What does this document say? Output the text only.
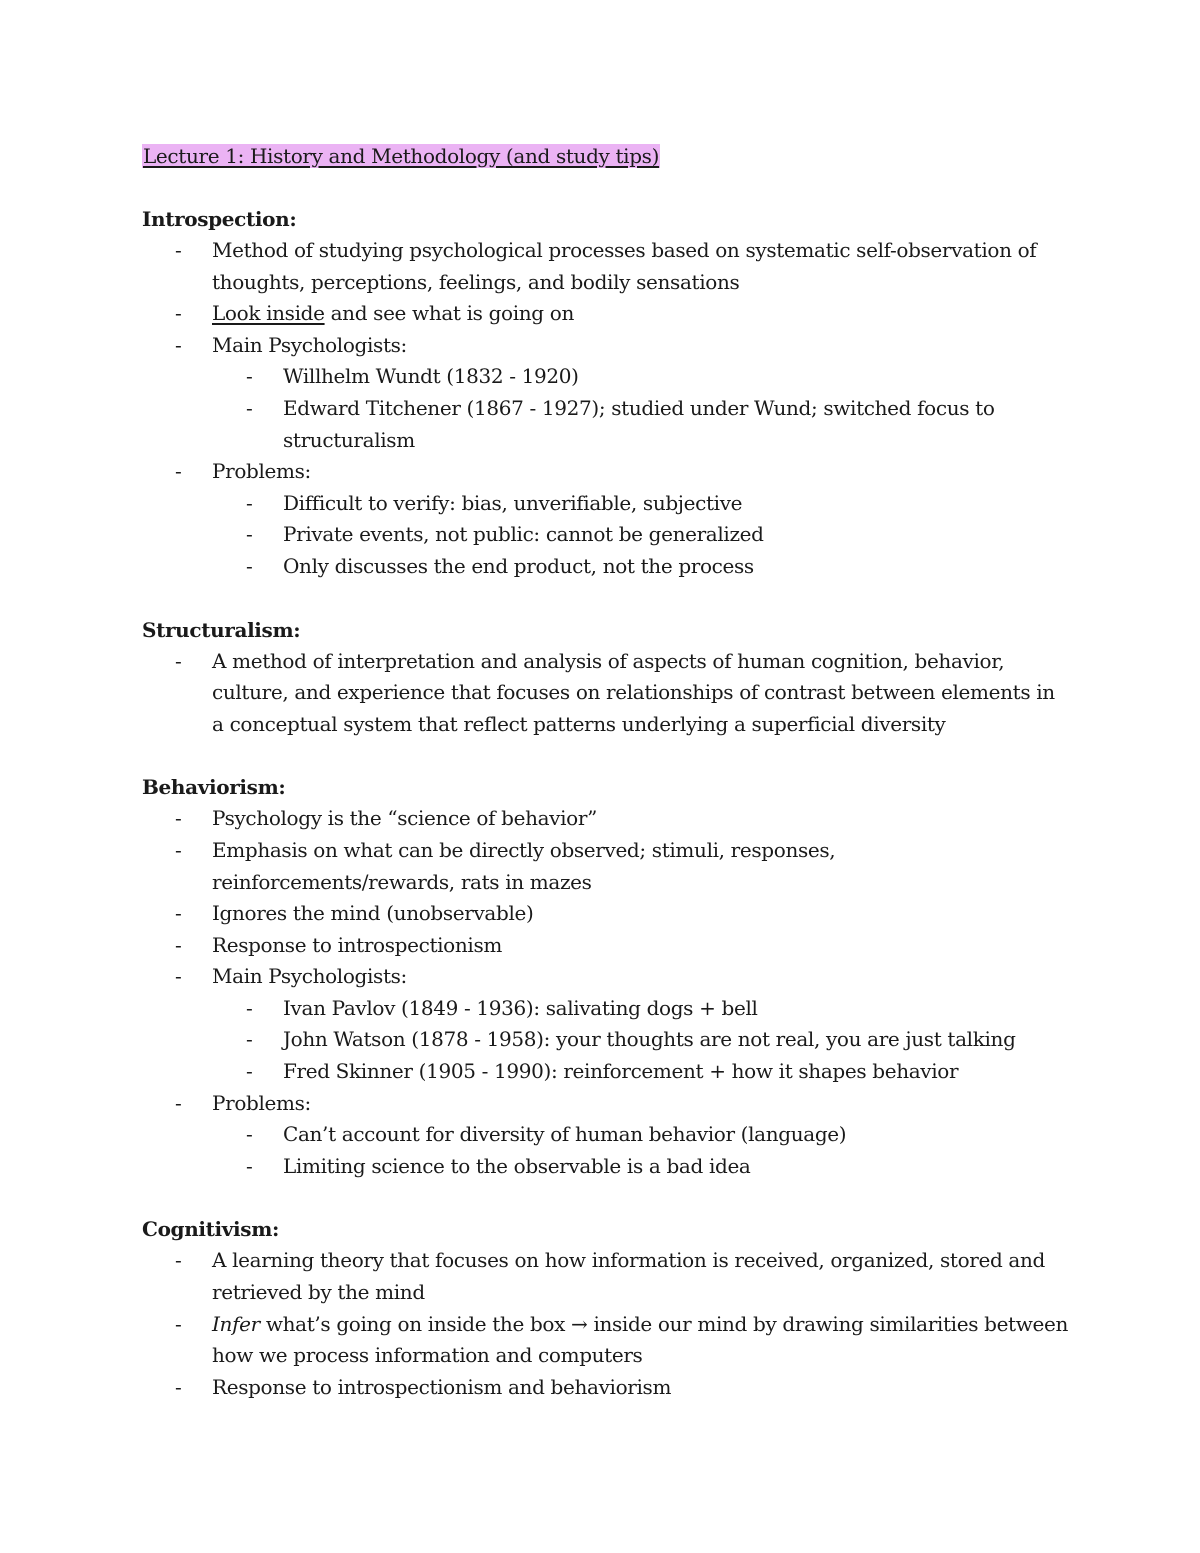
Lecture 1: History and Methodology (and study tips)

Introspection:

- Method of studying psychological processes based on systematic self-observation of thoughts, perceptions, feelings, and bodily sensations
- Look inside and see what is going on
- Main Psychologists:
- Willhelm Wundt (1832 - 1920)
- Edward Titchener (1867 - 1927); studied under Wund; switched focus to structuralism
- Problems:
- Difficult to verify: bias, unverifiable, subjective
- Private events, not public: cannot be generalized
- Only discusses the end product, not the process

Structuralism:

- A method of interpretation and analysis of aspects of human cognition, behavior, culture, and experience that focuses on relationships of contrast between elements in a conceptual system that reflect patterns underlying a superficial diversity

Behaviorism:

- Psychology is the “science of behavior”
- Emphasis on what can be directly observed; stimuli, responses, reinforcements/rewards, rats in mazes
- Ignores the mind (unobservable)
- Response to introspectionism
- Main Psychologists:
- Ivan Pavlov (1849 - 1936): salivating dogs + bell
- John Watson (1878 - 1958): your thoughts are not real, you are just talking
- Fred Skinner (1905 - 1990): reinforcement + how it shapes behavior
- Problems:
- Can’t account for diversity of human behavior (language)
- Limiting science to the observable is a bad idea

Cognitivism:

- A learning theory that focuses on how information is received, organized, stored and retrieved by the mind
- Infer what’s going on inside the box → inside our mind by drawing similarities between how we process information and computers
- Response to introspectionism and behaviorism
